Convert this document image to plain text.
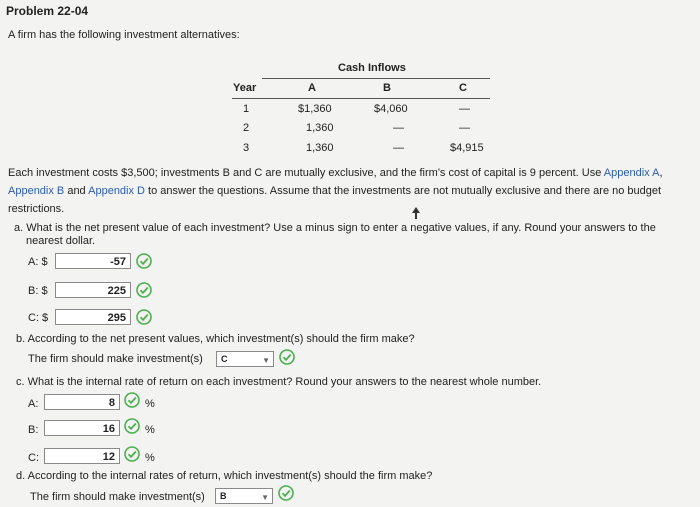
Problem 22-04
A firm has the following investment alternatives:
Cash Inflows
Year	A	B	C
1	$1,360	$4,060	—
2	1,360	—	—
3	1,360	—	$4,915
Each investment costs $3,500; investments B and C are mutually exclusive, and the firm's cost of capital is 9 percent. Use Appendix A, Appendix B and Appendix D to answer the questions. Assume that the investments are not mutually exclusive and there are no budget restrictions.
a. What is the net present value of each investment? Use a minus sign to enter a negative values, if any. Round your answers to the
nearest dollar.
A: $	-57
B: $	225
C: $	295
b. According to the net present values, which investment(s) should the firm make?
The firm should make investment(s)	C	▼
c. What is the internal rate of return on each investment? Round your answers to the nearest whole number.
A:	8	%
B:	16	%
C:	12	%
d. According to the internal rates of return, which investment(s) should the firm make?
The firm should make investment(s)	B	▼
